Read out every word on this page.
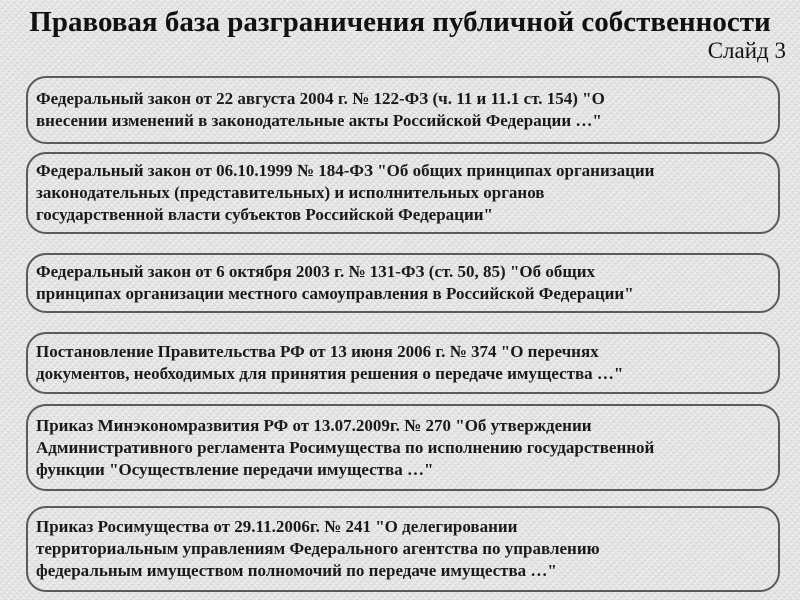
Правовая база разграничения публичной собственности
Слайд 3
Федеральный закон от 22 августа 2004 г. № 122-ФЗ (ч. 11 и 11.1 ст. 154) "О
внесении изменений в законодательные акты Российской Федерации …"
Федеральный закон от 06.10.1999 № 184-ФЗ "Об общих принципах организации
законодательных (представительных) и исполнительных органов
государственной власти субъектов Российской Федерации"
Федеральный закон от 6 октября 2003 г. № 131-ФЗ (ст. 50, 85) "Об общих
принципах организации местного самоуправления в Российской Федерации"
Постановление Правительства РФ от 13 июня 2006 г. № 374 "О перечнях
документов, необходимых для принятия решения о передаче имущества …"
Приказ Минэкономразвития РФ от 13.07.2009г. № 270 "Об утверждении
Административного регламента Росимущества по исполнению государственной
функции "Осуществление передачи имущества …"
Приказ Росимущества от 29.11.2006г. № 241 "О делегировании
территориальным управлениям Федерального агентства по управлению
федеральным имуществом полномочий по передаче имущества …"
